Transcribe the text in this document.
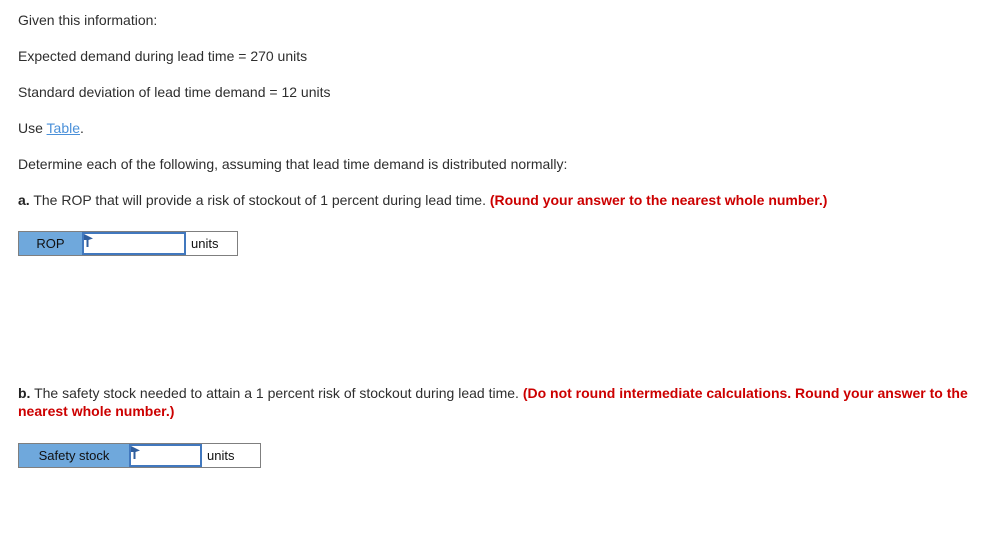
Given this information:

Expected demand during lead time = 270 units

Standard deviation of lead time demand = 12 units

Use Table.

Determine each of the following, assuming that lead time demand is distributed normally:

a. The ROP that will provide a risk of stockout of 1 percent during lead time. (Round your answer to the nearest whole number.)

ROP	units

b. The safety stock needed to attain a 1 percent risk of stockout during lead time. (Do not round intermediate calculations. Round your answer to the nearest whole number.)

Safety stock	units
